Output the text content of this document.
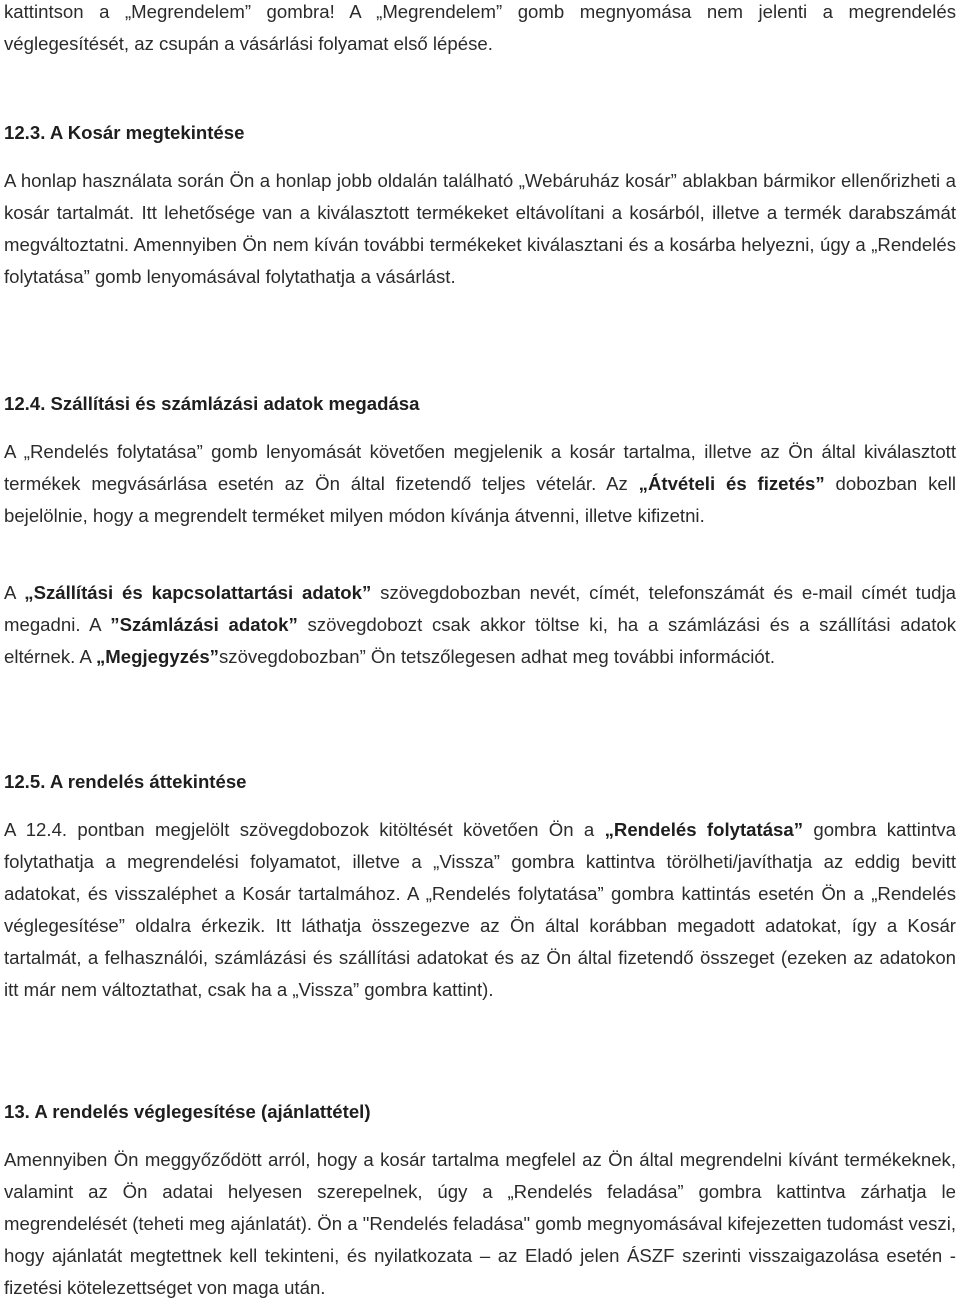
kattintson a „Megrendelem” gombra! A „Megrendelem” gomb megnyomása nem jelenti a megrendelés véglegesítését, az csupán a vásárlási folyamat első lépése.

12.3. A Kosár megtekintése

A honlap használata során Ön a honlap jobb oldalán található „Webáruház kosár” ablakban bármikor ellenőrizheti a kosár tartalmát. Itt lehetősége van a kiválasztott termékeket eltávolítani a kosárból, illetve a termék darabszámát megváltoztatni. Amennyiben Ön nem kíván további termékeket kiválasztani és a kosárba helyezni, úgy a „Rendelés folytatása” gomb lenyomásával folytathatja a vásárlást.

12.4. Szállítási és számlázási adatok megadása

A „Rendelés folytatása” gomb lenyomását követően megjelenik a kosár tartalma, illetve az Ön által kiválasztott termékek megvásárlása esetén az Ön által fizetendő teljes vételár. Az „Átvételi és fizetés” dobozban kell bejelölnie, hogy a megrendelt terméket milyen módon kívánja átvenni, illetve kifizetni.

A „Szállítási és kapcsolattartási adatok” szövegdobozban nevét, címét, telefonszámát és e-mail címét tudja megadni. A ”Számlázási adatok” szövegdobozt csak akkor töltse ki, ha a számlázási és a szállítási adatok eltérnek. A „Megjegyzés”szövegdobozban” Ön tetszőlegesen adhat meg további információt.

12.5. A rendelés áttekintése

A 12.4. pontban megjelölt szövegdobozok kitöltését követően Ön a „Rendelés folytatása” gombra kattintva folytathatja a megrendelési folyamatot, illetve a „Vissza” gombra kattintva törölheti/javíthatja az eddig bevitt adatokat, és visszaléphet a Kosár tartalmához. A „Rendelés folytatása” gombra kattintás esetén Ön a „Rendelés véglegesítése” oldalra érkezik. Itt láthatja összegezve az Ön által korábban megadott adatokat, így a Kosár tartalmát, a felhasználói, számlázási és szállítási adatokat és az Ön által fizetendő összeget (ezeken az adatokon itt már nem változtathat, csak ha a „Vissza” gombra kattint).

13. A rendelés véglegesítése (ajánlattétel)

Amennyiben Ön meggyőződött arról, hogy a kosár tartalma megfelel az Ön által megrendelni kívánt termékeknek, valamint az Ön adatai helyesen szerepelnek, úgy a „Rendelés feladása” gombra kattintva zárhatja le megrendelését (teheti meg ajánlatát). Ön a "Rendelés feladása" gomb megnyomásával kifejezetten tudomást veszi, hogy ajánlatát megtettnek kell tekinteni, és nyilatkozata – az Eladó jelen ÁSZF szerinti visszaigazolása esetén - fizetési kötelezettséget von maga után.
